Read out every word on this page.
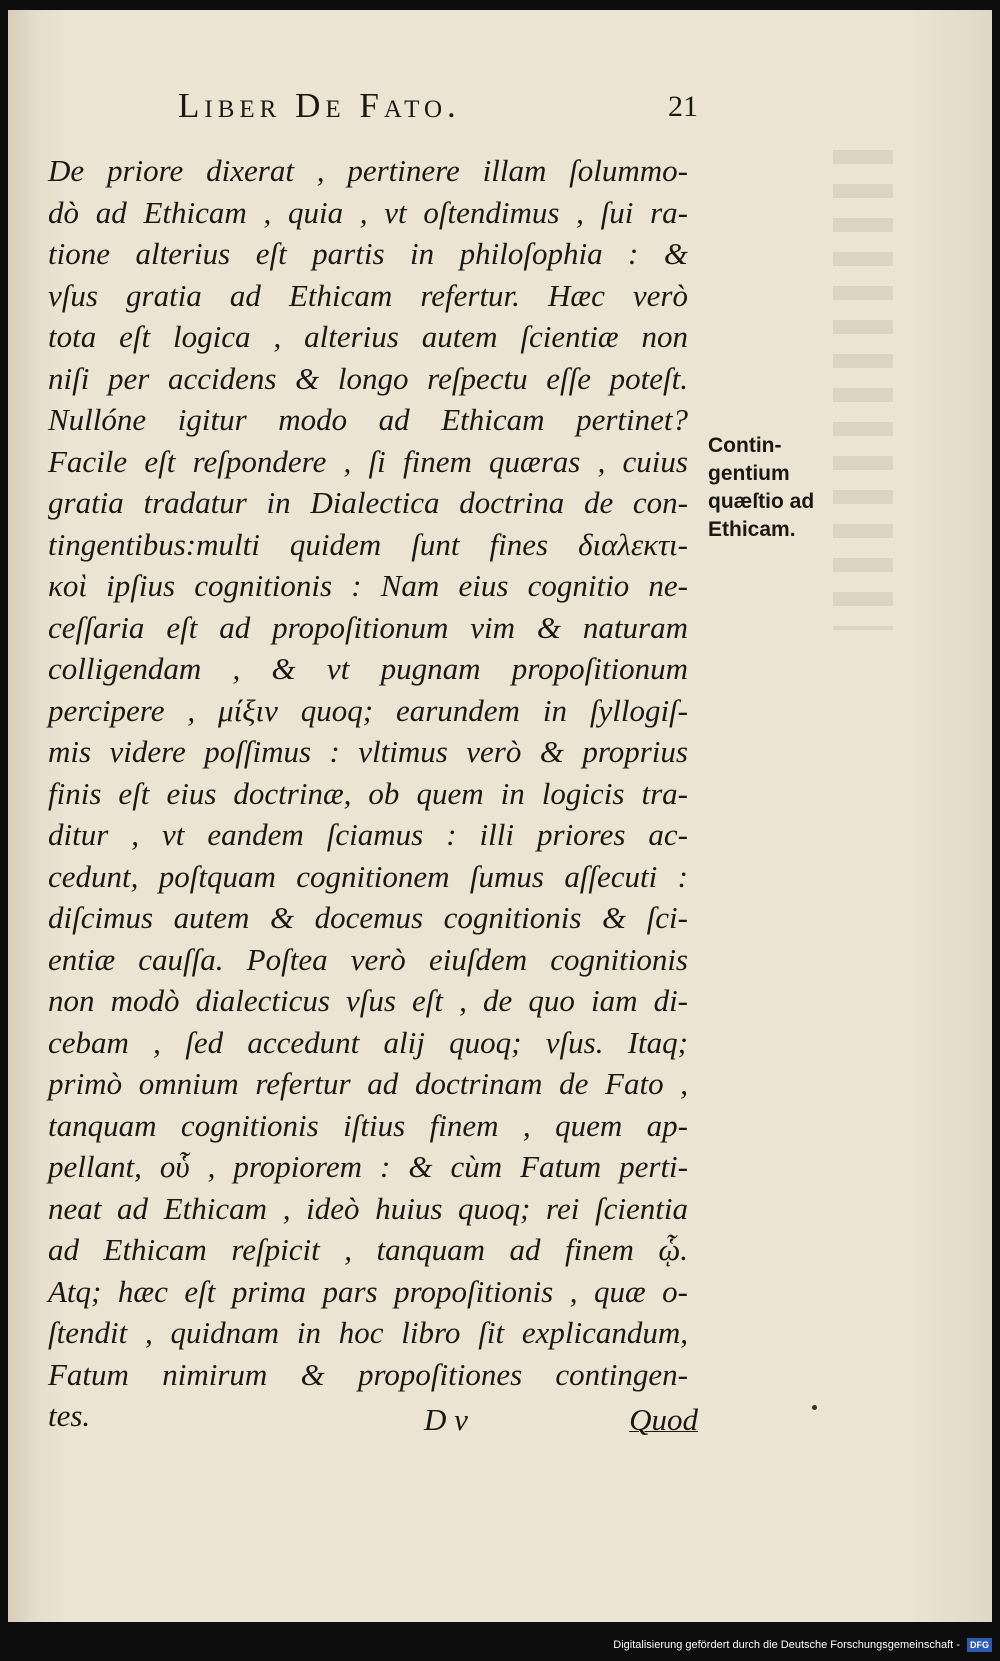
Liber De Fato.	21
De priore dixerat , pertinere illam ſolummo-
dò ad Ethicam , quia , vt oſtendimus , ſui ra-
tione alterius eſt partis in philoſophia : &
vſus gratia ad Ethicam refertur. Hæc verò
tota eſt logica , alterius autem ſcientiæ non
niſi per accidens & longo reſpectu eſſe poteſt.
Nullóne igitur modo ad Ethicam pertinet?
Facile eſt reſpondere , ſi finem quæras , cuius
gratia tradatur in Dialectica doctrina de con-
tingentibus:multi quidem ſunt fines διαλεκτι-
κοὶ ipſius cognitionis : Nam eius cognitio ne-
ceſſaria eſt ad propoſitionum vim & naturam
colligendam , & vt pugnam propoſitionum
percipere , μίξιν quoq; earundem in ſyllogiſ-
mis videre poſſimus : vltimus verò & proprius
finis eſt eius doctrinæ, ob quem in logicis tra-
ditur , vt eandem ſciamus : illi priores ac-
cedunt, poſtquam cognitionem ſumus aſſecuti :
diſcimus autem & docemus cognitionis & ſci-
entiæ cauſſa. Poſtea verò eiuſdem cognitionis
non modò dialecticus vſus eſt , de quo iam di-
cebam , ſed accedunt alij quoq; vſus. Itaq;
primò omnium refertur ad doctrinam de Fato ,
tanquam cognitionis iſtius finem , quem ap-
pellant, οὗ , propiorem : & cùm Fatum perti-
neat ad Ethicam , ideò huius quoq; rei ſcientia
ad Ethicam reſpicit , tanquam ad finem ᾧ.
Atq; hæc eſt prima pars propoſitionis , quæ o-
ſtendit , quidnam in hoc libro ſit explicandum,
Fatum nimirum & propoſitiones contingen-
tes.	D v	Quod
Contin-
gentium
quæſtio ad
Ethicam.
Digitalisierung gefördert durch die Deutsche Forschungsgemeinschaft - DFG
